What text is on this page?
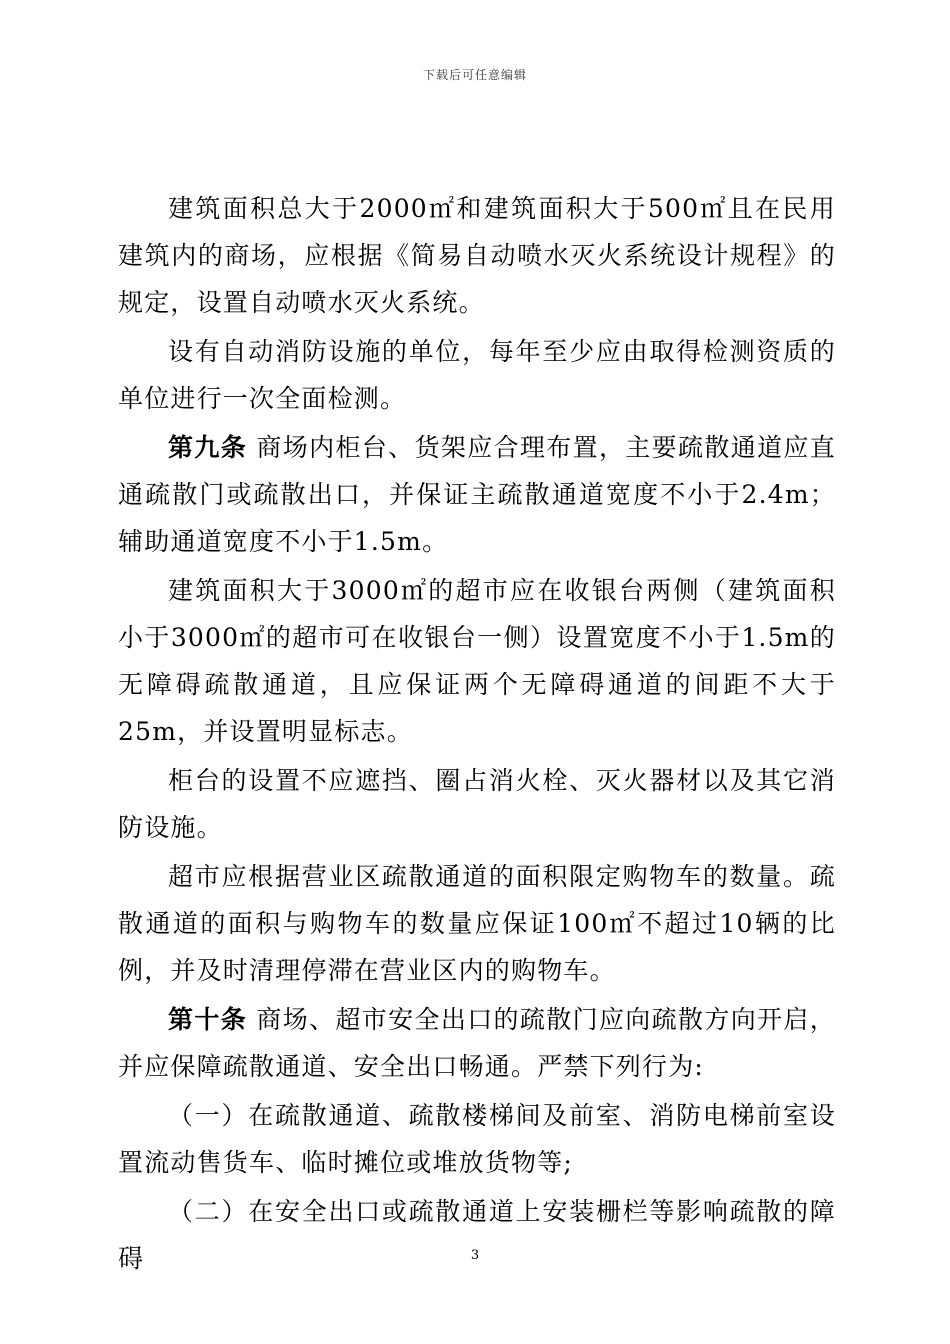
下载后可任意编辑

建筑面积总大于2000㎡和建筑面积大于500㎡且在民用建筑内的商场，应根据《简易自动喷水灭火系统设计规程》的规定，设置自动喷水灭火系统。

设有自动消防设施的单位，每年至少应由取得检测资质的单位进行一次全面检测。

第九条 商场内柜台、货架应合理布置，主要疏散通道应直通疏散门或疏散出口，并保证主疏散通道宽度不小于2.4m；辅助通道宽度不小于1.5m。

建筑面积大于3000㎡的超市应在收银台两侧（建筑面积小于3000㎡的超市可在收银台一侧）设置宽度不小于1.5m的无障碍疏散通道，且应保证两个无障碍通道的间距不大于25m，并设置明显标志。

柜台的设置不应遮挡、圈占消火栓、灭火器材以及其它消防设施。

超市应根据营业区疏散通道的面积限定购物车的数量。疏散通道的面积与购物车的数量应保证100㎡不超过10辆的比例，并及时清理停滞在营业区内的购物车。

第十条 商场、超市安全出口的疏散门应向疏散方向开启，并应保障疏散通道、安全出口畅通。严禁下列行为:

（一）在疏散通道、疏散楼梯间及前室、消防电梯前室设置流动售货车、临时摊位或堆放货物等;

（二）在安全出口或疏散通道上安装栅栏等影响疏散的障碍	3
